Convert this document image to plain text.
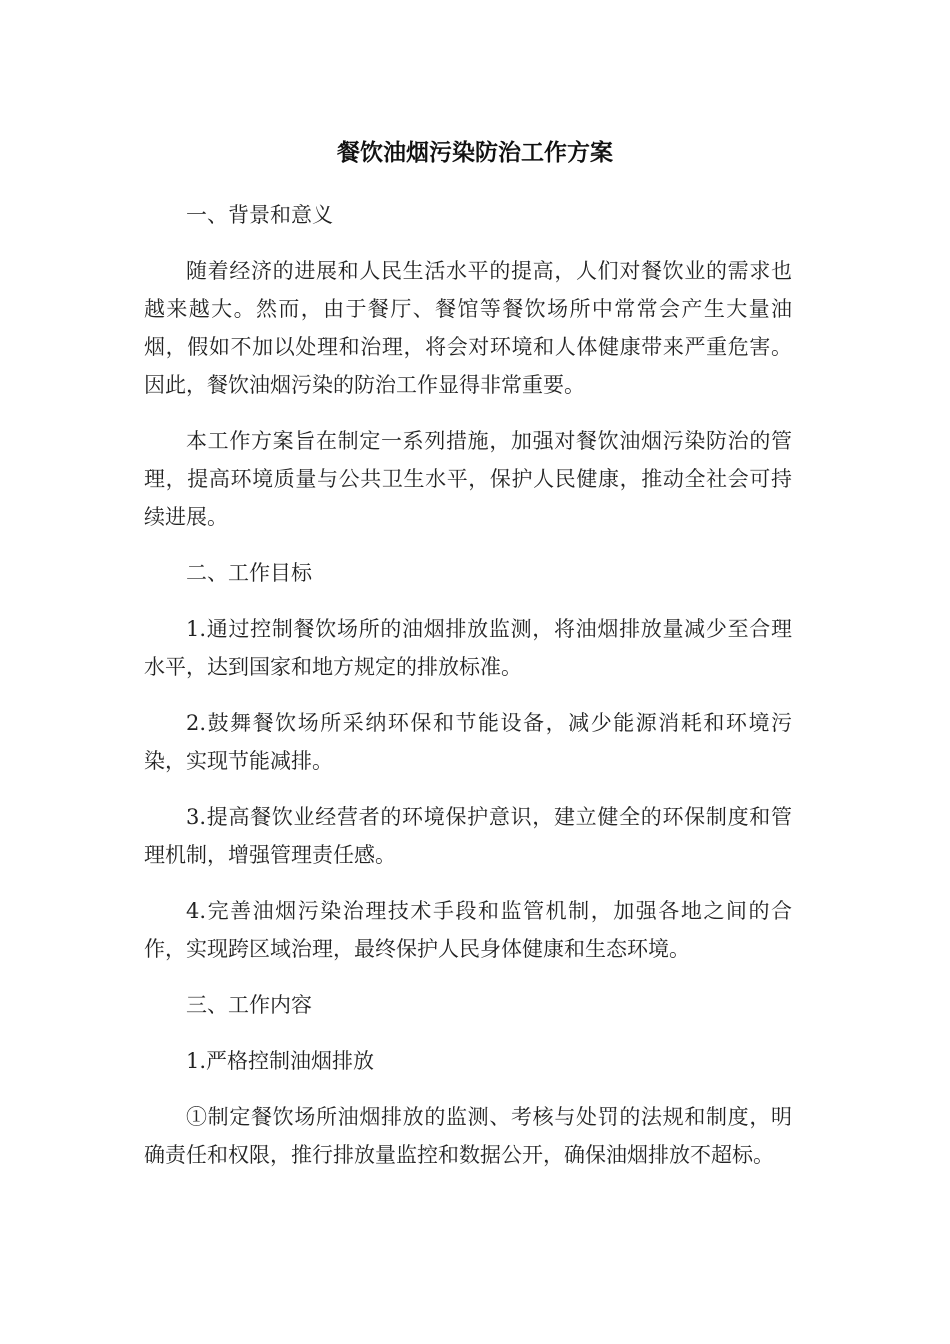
餐饮油烟污染防治工作方案

一、背景和意义

随着经济的进展和人民生活水平的提高，人们对餐饮业的需求也越来越大。然而，由于餐厅、餐馆等餐饮场所中常常会产生大量油烟，假如不加以处理和治理，将会对环境和人体健康带来严重危害。因此，餐饮油烟污染的防治工作显得非常重要。

本工作方案旨在制定一系列措施，加强对餐饮油烟污染防治的管理，提高环境质量与公共卫生水平，保护人民健康，推动全社会可持续进展。

二、工作目标

1.通过控制餐饮场所的油烟排放监测，将油烟排放量减少至合理水平，达到国家和地方规定的排放标准。

2.鼓舞餐饮场所采纳环保和节能设备，减少能源消耗和环境污染，实现节能减排。

3.提高餐饮业经营者的环境保护意识，建立健全的环保制度和管理机制，增强管理责任感。

4.完善油烟污染治理技术手段和监管机制，加强各地之间的合作，实现跨区域治理，最终保护人民身体健康和生态环境。

三、工作内容

1.严格控制油烟排放

①制定餐饮场所油烟排放的监测、考核与处罚的法规和制度，明确责任和权限，推行排放量监控和数据公开，确保油烟排放不超标。
